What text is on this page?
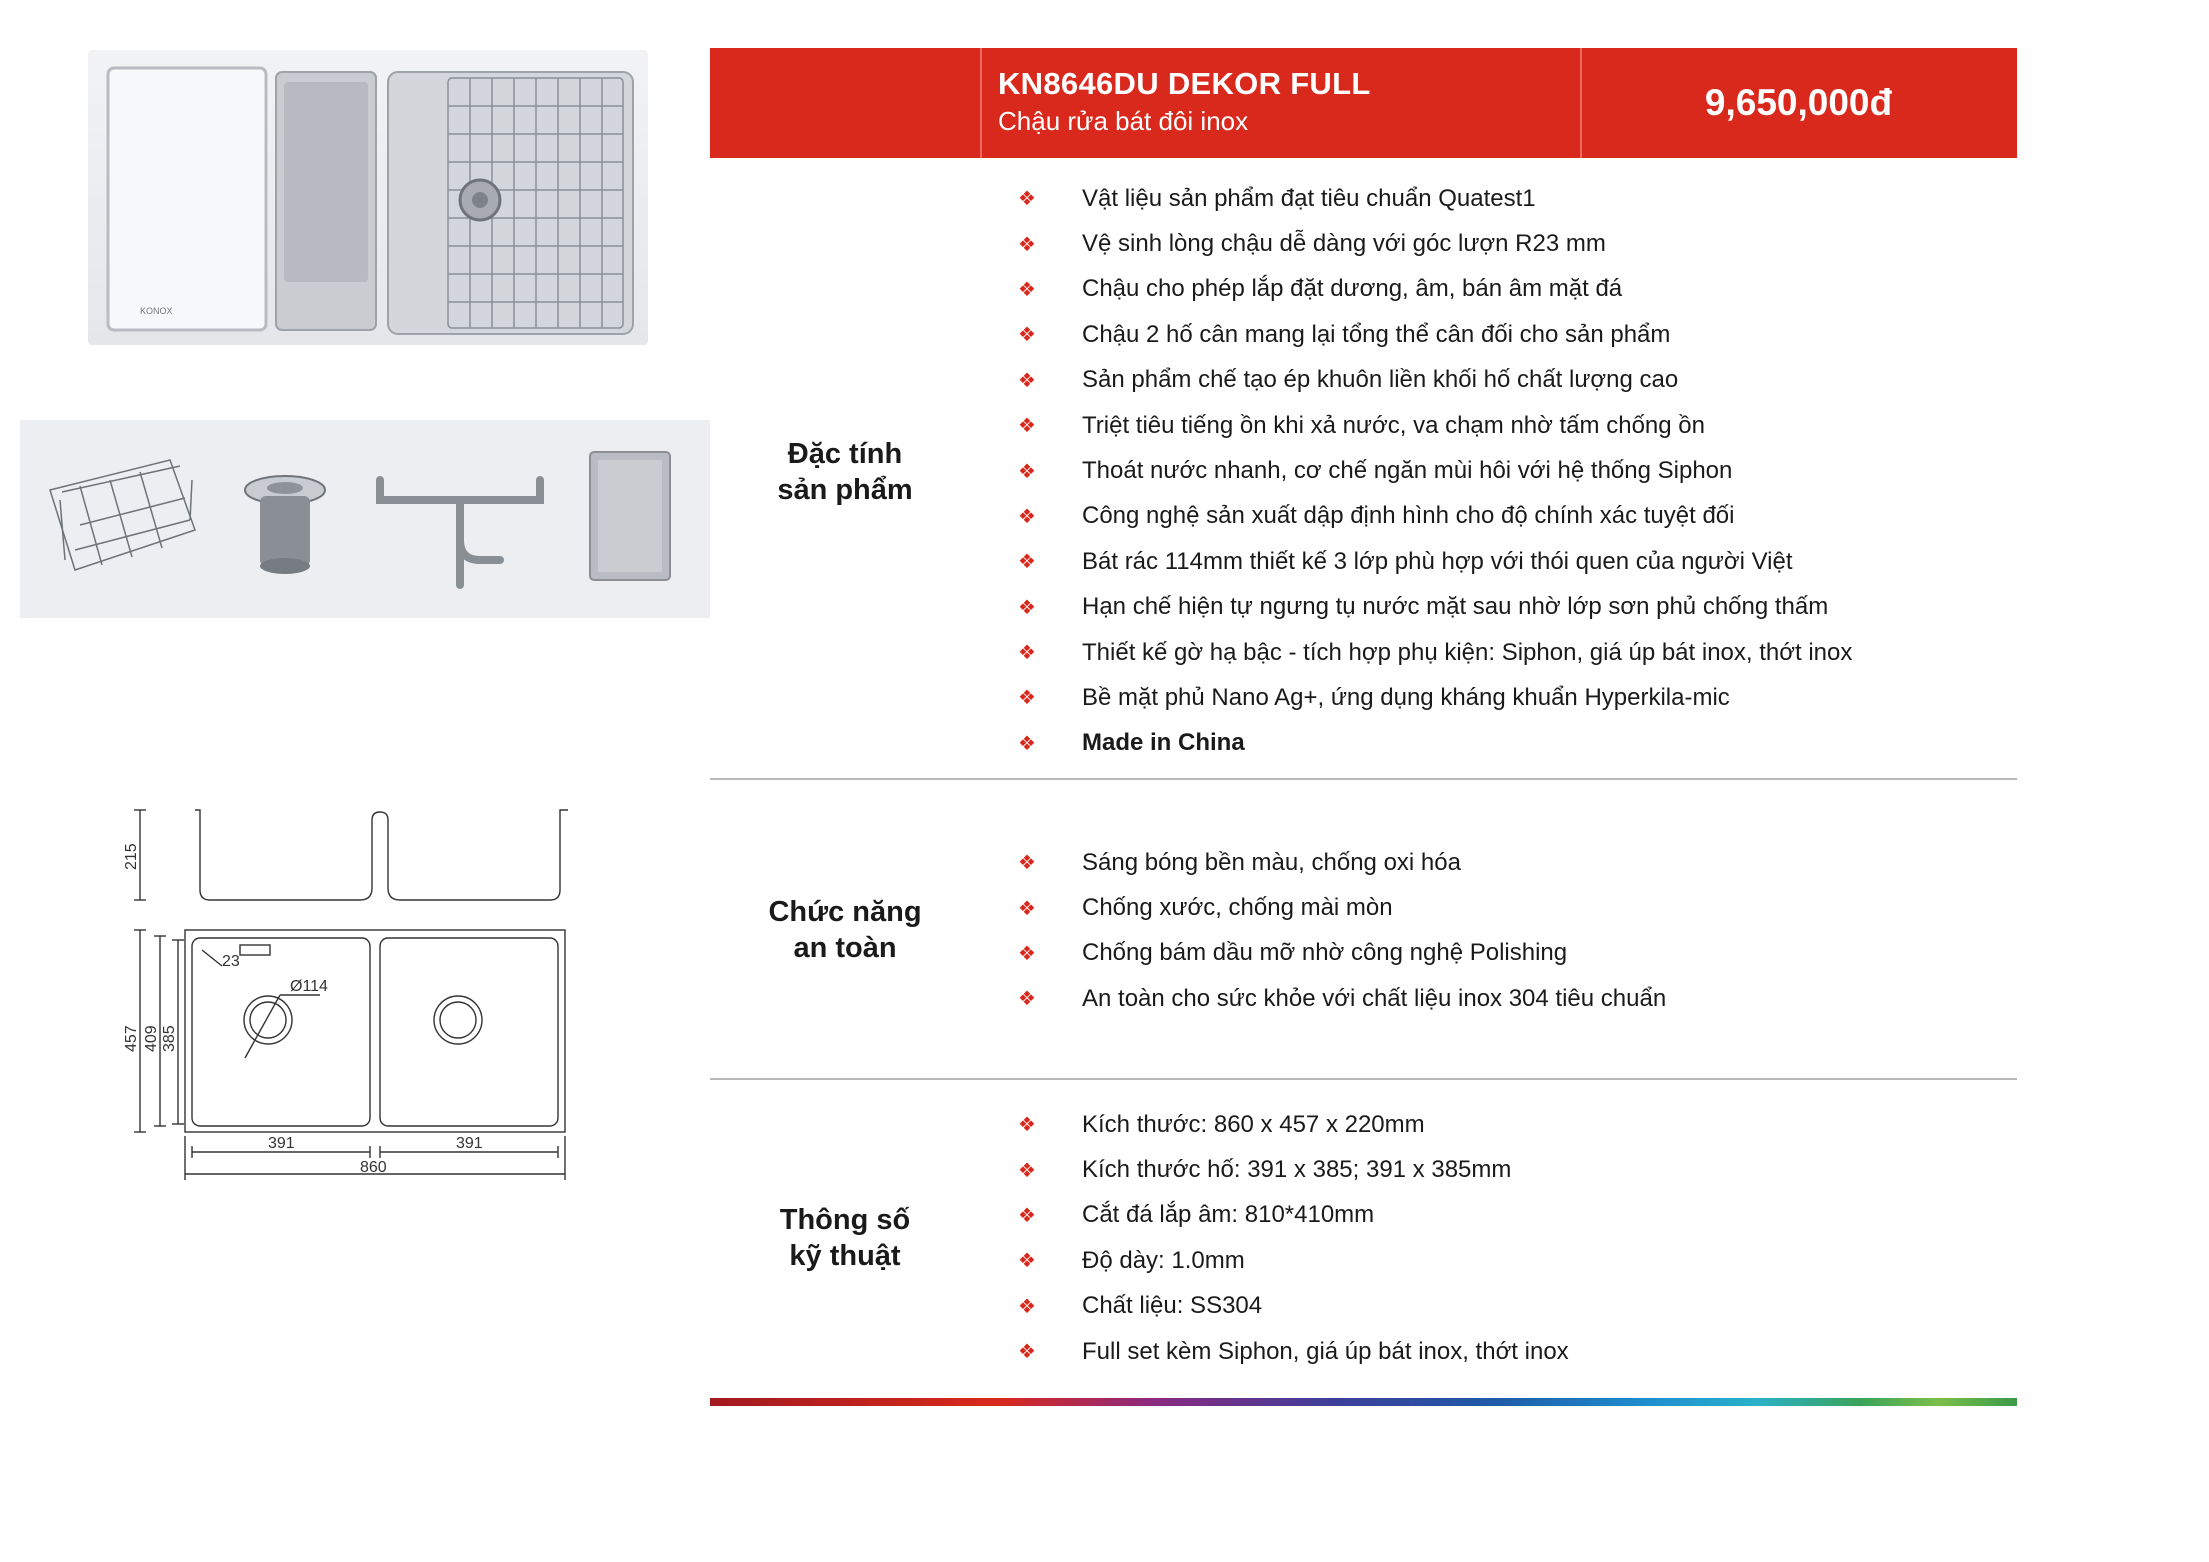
KONOX
215
Ø114
23
457 409 385
391	391
860
KN8646DU DEKOR FULL
Chậu rửa bát đôi inox	9,650,000đ
Đặc tính
sản phẩm
❖	Vật liệu sản phẩm đạt tiêu chuẩn Quatest1
❖	Vệ sinh lòng chậu dễ dàng với góc lượn R23 mm
❖	Chậu cho phép lắp đặt dương, âm, bán âm mặt đá
❖	Chậu 2 hố cân mang lại tổng thể cân đối cho sản phẩm
❖	Sản phẩm chế tạo ép khuôn liền khối hố chất lượng cao
❖	Triệt tiêu tiếng ồn khi xả nước, va chạm nhờ tấm chống ồn
❖	Thoát nước nhanh, cơ chế ngăn mùi hôi với hệ thống Siphon
❖	Công nghệ sản xuất dập định hình cho độ chính xác tuyệt đối
❖	Bát rác 114mm thiết kế 3 lớp phù hợp với thói quen của người Việt
❖	Hạn chế hiện tự ngưng tụ nước mặt sau nhờ lớp sơn phủ chống thấm
❖	Thiết kế gờ hạ bậc - tích hợp phụ kiện: Siphon, giá úp bát inox, thớt inox
❖	Bề mặt phủ Nano Ag+, ứng dụng kháng khuẩn Hyperkila-mic
❖	Made in China
Chức năng
an toàn
❖	Sáng bóng bền màu, chống oxi hóa
❖	Chống xước, chống mài mòn
❖	Chống bám dầu mỡ nhờ công nghệ Polishing
❖	An toàn cho sức khỏe với chất liệu inox 304 tiêu chuẩn
Thông số
kỹ thuật
❖	Kích thước: 860 x 457 x 220mm
❖	Kích thước hố: 391 x 385; 391 x 385mm
❖	Cắt đá lắp âm: 810*410mm
❖	Độ dày: 1.0mm
❖	Chất liệu: SS304
❖	Full set kèm Siphon, giá úp bát inox, thớt inox
